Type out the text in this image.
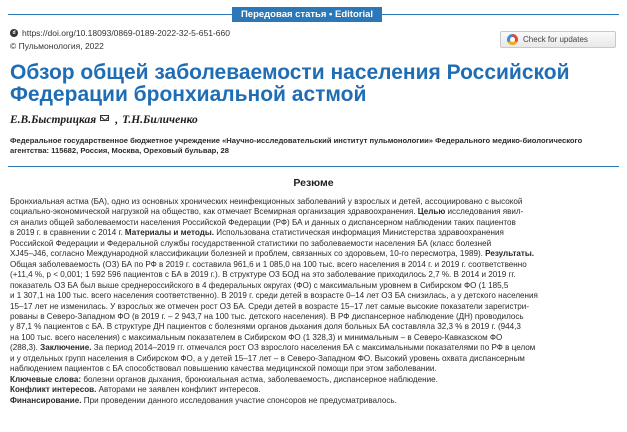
Передовая статья • Editorial
d https://doi.org/10.18093/0869-0189-2022-32-5-651-660
© Пульмонология, 2022
Check for updates
Обзор общей заболеваемости населения Российской Федерации бронхиальной астмой
Е.В.Быстрицкая , Т.Н.Биличенко
Федеральное государственное бюджетное учреждение «Научно-исследовательский институт пульмонологии» Федерального медико-биологического агентства: 115682, Россия, Москва, Ореховый бульвар, 28
Резюме
Бронхиальная астма (БА), одно из основных хронических неинфекционных заболеваний у взрослых и детей, ассоциировано с высокой
социально-экономической нагрузкой на общество, как отмечает Всемирная организация здравоохранения. Целью исследования явил-
ся анализ общей заболеваемости населения Российской Федерации (РФ) БА и данных о диспансерном наблюдении таких пациентов
в 2019 г. в сравнении с 2014 г. Материалы и методы. Использована статистическая информация Министерства здравоохранения
Российской Федерации и Федеральной службы государственной статистики по заболеваемости населения БА (класс болезней
XJ45–J46, согласно Международной классификации болезней и проблем, связанных со здоровьем, 10-го пересмотра, 1989). Результаты.
Общая заболеваемость (ОЗ) БА по РФ в 2019 г. составила 961,6 и 1 085,0 на 100 тыс. всего населения в 2014 г. и 2019 г. соответственно
(+11,4 %, p < 0,001; 1 592 596 пациентов с БА в 2019 г.). В структуре ОЗ БОД на это заболевание приходилось 2,7 %. В 2014 и 2019 гг.
показатель ОЗ БА был выше среднероссийского в 4 федеральных округах (ФО) с максимальным уровнем в Сибирском ФО (1 185,5
и 1 307,1 на 100 тыс. всего населения соответственно). В 2019 г. среди детей в возрасте 0–14 лет ОЗ БА снизилась, а у детского населения
15–17 лет не изменилась. У взрослых же отмечен рост ОЗ БА. Среди детей в возрасте 15–17 лет самые высокие показатели зарегистри-
рованы в Северо-Западном ФО (в 2019 г. – 2 943,7 на 100 тыс. детского населения). В РФ диспансерное наблюдение (ДН) проводилось
у 87,1 % пациентов с БА. В структуре ДН пациентов с болезнями органов дыхания доля больных БА составляла 32,3 % в 2019 г. (944,3
на 100 тыс. всего населения) с максимальным показателем в Сибирском ФО (1 328,3) и минимальным – в Северо-Кавказском ФО
(288,3). Заключение. За период 2014–2019 гг. отмечался рост ОЗ взрослого населения БА с максимальными показателями по РФ в целом
и у отдельных групп населения в Сибирском ФО, а у детей 15–17 лет – в Северо-Западном ФО. Высокий уровень охвата диспансерным
наблюдением пациентов с БА способствовал повышению качества медицинской помощи при этом заболевании.
Ключевые слова: болезни органов дыхания, бронхиальная астма, заболеваемость, диспансерное наблюдение.
Конфликт интересов. Авторами не заявлен конфликт интересов.
Финансирование. При проведении данного исследования участие спонсоров не предусматривалось.
